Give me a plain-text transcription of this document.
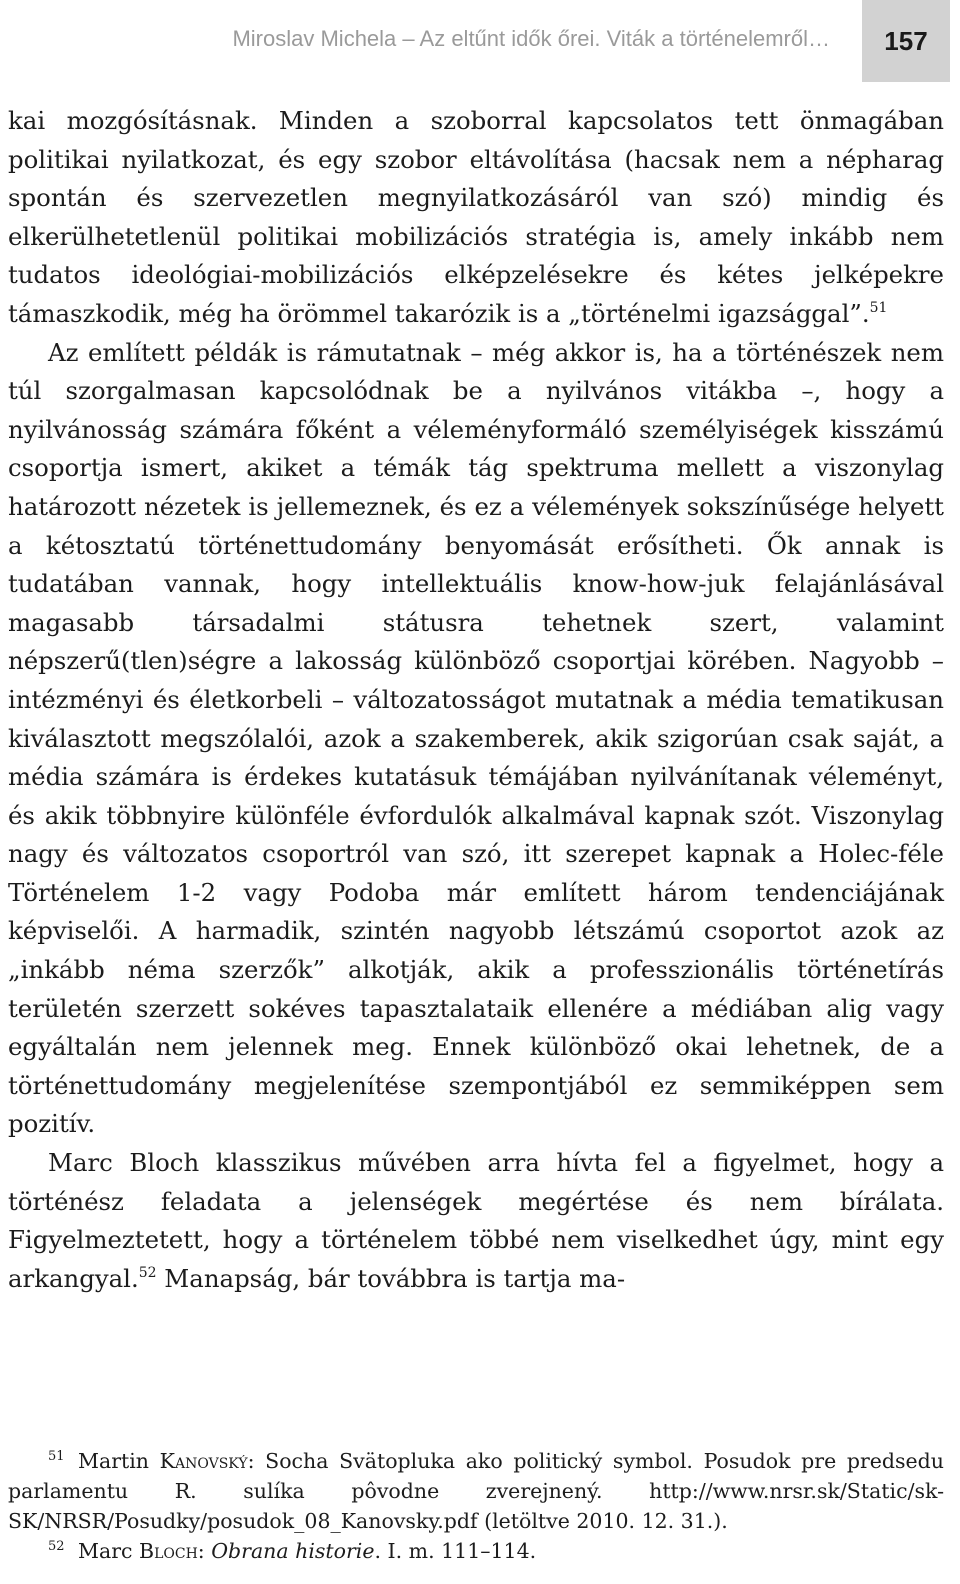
Miroslav Michela – Az eltűnt idők őrei. Viták a történelemről…	157

kai mozgósításnak. Minden a szoborral kapcsolatos tett önmagában politikai nyilatkozat, és egy szobor eltávolítása (hacsak nem a népharag spontán és szervezetlen megnyilatkozásáról van szó) mindig és elkerülhetetlenül politikai mobilizációs stratégia is, amely inkább nem tudatos ideológiai-mobilizációs elképzelésekre és kétes jelképekre támaszkodik, még ha örömmel takarózik is a „történelmi igazsággal”.$^{51}$

Az említett példák is rámutatnak – még akkor is, ha a történészek nem túl szorgalmasan kapcsolódnak be a nyilvános vitákba –, hogy a nyilvánosság számára főként a véleményformáló személyiségek kisszámú csoportja ismert, akiket a témák tág spektruma mellett a viszonylag határozott nézetek is jellemeznek, és ez a vélemények sokszínűsége helyett a kétosztatú történettudomány benyomását erősítheti. Ők annak is tudatában vannak, hogy intellektuális know-how-juk felajánlásával magasabb társadalmi státusra tehetnek szert, valamint népszerű(tlen)ségre a lakosság különböző csoportjai körében. Nagyobb – intézményi és életkorbeli – változatosságot mutatnak a média tematikusan kiválasztott megszólalói, azok a szakemberek, akik szigorúan csak saját, a média számára is érdekes kutatásuk témájában nyilvánítanak véleményt, és akik többnyire különféle évfordulók alkalmával kapnak szót. Viszonylag nagy és változatos csoportról van szó, itt szerepet kapnak a Holec-féle Történelem 1-2 vagy Podoba már említett három tendenciájának képviselői. A harmadik, szintén nagyobb létszámú csoportot azok az „inkább néma szerzők” alkotják, akik a professzionális történetírás területén szerzett sokéves tapasztalataik ellenére a médiában alig vagy egyáltalán nem jelennek meg. Ennek különböző okai lehetnek, de a történettudomány megjelenítése szempontjából ez semmiképpen sem pozitív.

Marc Bloch klasszikus művében arra hívta fel a figyelmet, hogy a történész feladata a jelenségek megértése és nem bírálata. Figyelmeztetett, hogy a történelem többé nem viselkedhet úgy, mint egy arkangyal.$^{52}$ Manapság, bár továbbra is tartja ma-

51 Martin Kanovský: Socha Svätopluka ako politický symbol. Posudok pre predsedu parlamentu R. sulíka pôvodne zverejnený. http://www.nrsr.sk/Static/sk-SK/NRSR/Posudky/posudok_08_Kanovsky.pdf (letöltve 2010. 12. 31.).

52 Marc Bloch: Obrana historie. I. m. 111–114.
